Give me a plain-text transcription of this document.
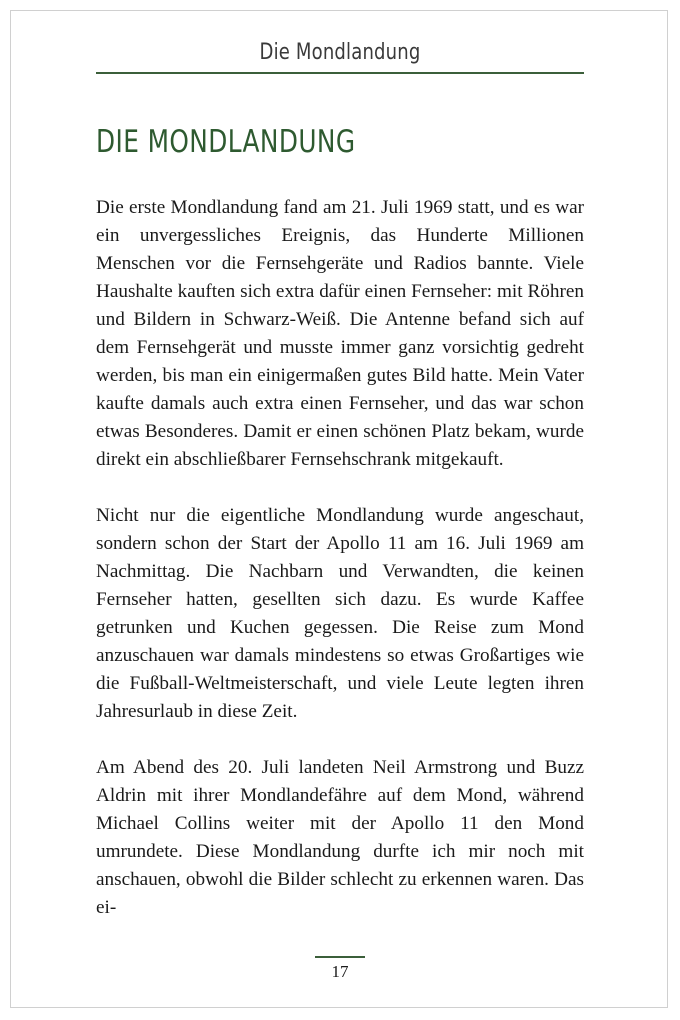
Die Mondlandung
DIE MONDLANDUNG

Die erste Mondlandung fand am 21. Juli 1969 statt, und es war ein unvergessliches Ereignis, das Hunderte Millionen Menschen vor die Fernsehgeräte und Radios bannte. Viele Haushalte kauften sich extra dafür einen Fernseher: mit Röhren und Bildern in Schwarz-Weiß. Die Antenne befand sich auf dem Fernsehgerät und musste immer ganz vorsichtig gedreht werden, bis man ein einigermaßen gutes Bild hatte. Mein Vater kaufte damals auch extra einen Fernseher, und das war schon etwas Besonderes. Damit er einen schönen Platz bekam, wurde direkt ein abschließbarer Fernsehschrank mitgekauft.

Nicht nur die eigentliche Mondlandung wurde angeschaut, sondern schon der Start der Apollo 11 am 16. Juli 1969 am Nachmittag. Die Nachbarn und Verwandten, die keinen Fernseher hatten, gesellten sich dazu. Es wurde Kaffee getrunken und Kuchen gegessen. Die Reise zum Mond anzuschauen war damals mindestens so etwas Großartiges wie die Fußball-Weltmeisterschaft, und viele Leute legten ihren Jahresurlaub in diese Zeit.

Am Abend des 20. Juli landeten Neil Armstrong und Buzz Aldrin mit ihrer Mondlandefähre auf dem Mond, während Michael Collins weiter mit der Apollo 11 den Mond umrundete. Diese Mondlandung durfte ich mir noch mit anschauen, obwohl die Bilder schlecht zu erkennen waren. Das ei-

17
